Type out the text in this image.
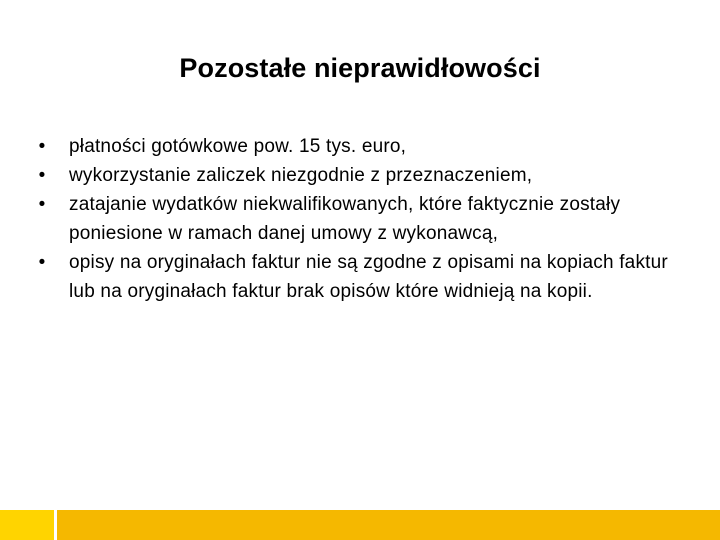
Pozostałe nieprawidłowości
• płatności gotówkowe pow. 15 tys. euro,
• wykorzystanie zaliczek niezgodnie z przeznaczeniem,
• zatajanie wydatków niekwalifikowanych, które faktycznie zostały poniesione w ramach danej umowy z wykonawcą,
• opisy na oryginałach faktur nie są zgodne z opisami na kopiach faktur lub na oryginałach faktur brak opisów które widnieją na kopii.
